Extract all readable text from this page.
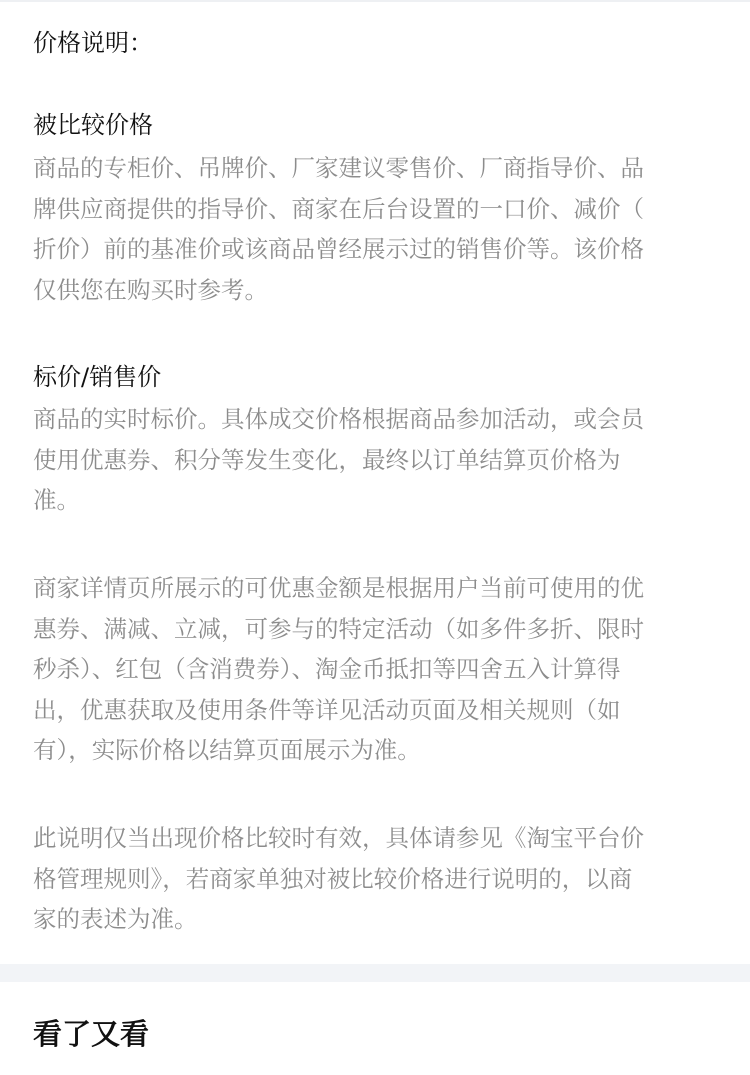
价格说明：
被比较价格
商品的专柜价、吊牌价、厂家建议零售价、厂商指导价、品
牌供应商提供的指导价、商家在后台设置的一口价、减价（
折价）前的基准价或该商品曾经展示过的销售价等。该价格
仅供您在购买时参考。
标价/销售价
商品的实时标价。具体成交价格根据商品参加活动，或会员
使用优惠券、积分等发生变化，最终以订单结算页价格为
准。
商家详情页所展示的可优惠金额是根据用户当前可使用的优
惠券、满减、立减，可参与的特定活动（如多件多折、限时
秒杀）、红包（含消费券）、淘金币抵扣等四舍五入计算得
出，优惠获取及使用条件等详见活动页面及相关规则（如
有），实际价格以结算页面展示为准。
此说明仅当出现价格比较时有效，具体请参见《淘宝平台价
格管理规则》，若商家单独对被比较价格进行说明的，以商
家的表述为准。
看了又看
